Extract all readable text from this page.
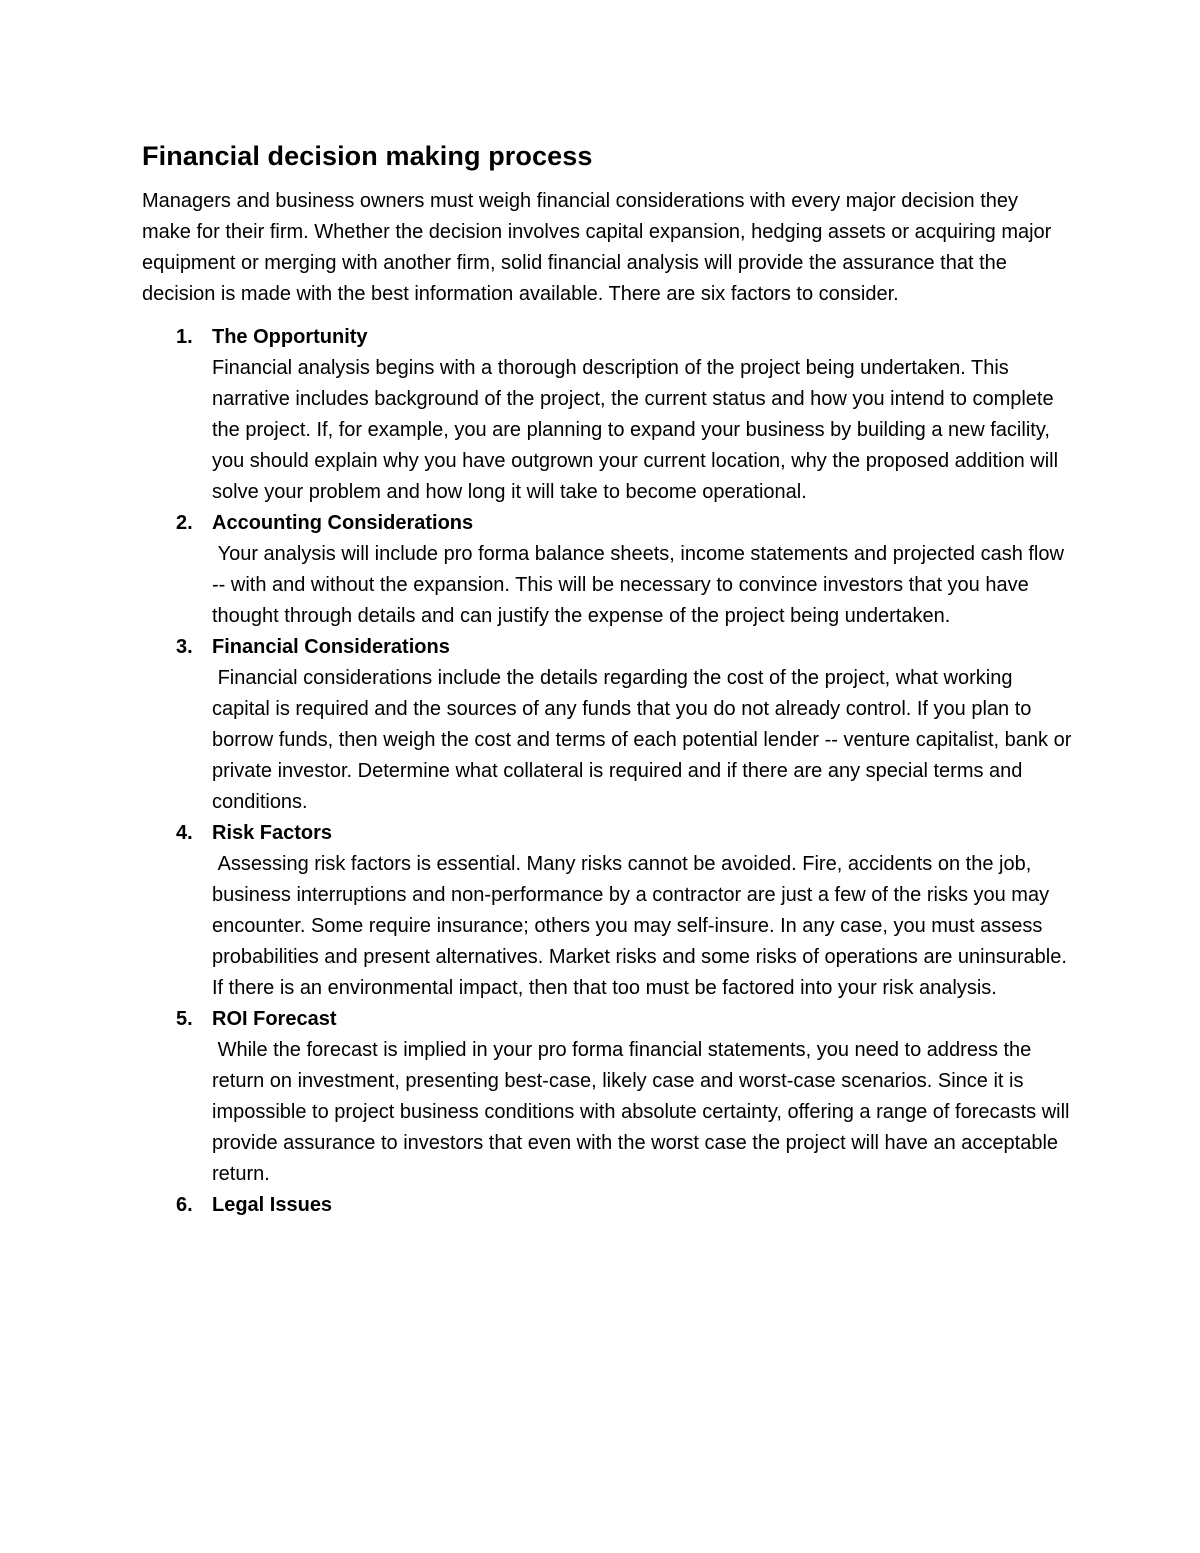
Financial decision making process

Managers and business owners must weigh financial considerations with every major decision they make for their firm. Whether the decision involves capital expansion, hedging assets or acquiring major equipment or merging with another firm, solid financial analysis will provide the assurance that the decision is made with the best information available. There are six factors to consider.

1. The Opportunity
Financial analysis begins with a thorough description of the project being undertaken. This narrative includes background of the project, the current status and how you intend to complete the project. If, for example, you are planning to expand your business by building a new facility, you should explain why you have outgrown your current location, why the proposed addition will solve your problem and how long it will take to become operational.
2. Accounting Considerations
Your analysis will include pro forma balance sheets, income statements and projected cash flow -- with and without the expansion. This will be necessary to convince investors that you have thought through details and can justify the expense of the project being undertaken.
3. Financial Considerations
Financial considerations include the details regarding the cost of the project, what working capital is required and the sources of any funds that you do not already control. If you plan to borrow funds, then weigh the cost and terms of each potential lender -- venture capitalist, bank or private investor. Determine what collateral is required and if there are any special terms and conditions.
4. Risk Factors
Assessing risk factors is essential. Many risks cannot be avoided. Fire, accidents on the job, business interruptions and non-performance by a contractor are just a few of the risks you may encounter. Some require insurance; others you may self-insure. In any case, you must assess probabilities and present alternatives. Market risks and some risks of operations are uninsurable. If there is an environmental impact, then that too must be factored into your risk analysis.
5. ROI Forecast
While the forecast is implied in your pro forma financial statements, you need to address the return on investment, presenting best-case, likely case and worst-case scenarios. Since it is impossible to project business conditions with absolute certainty, offering a range of forecasts will provide assurance to investors that even with the worst case the project will have an acceptable return.
6. Legal Issues
